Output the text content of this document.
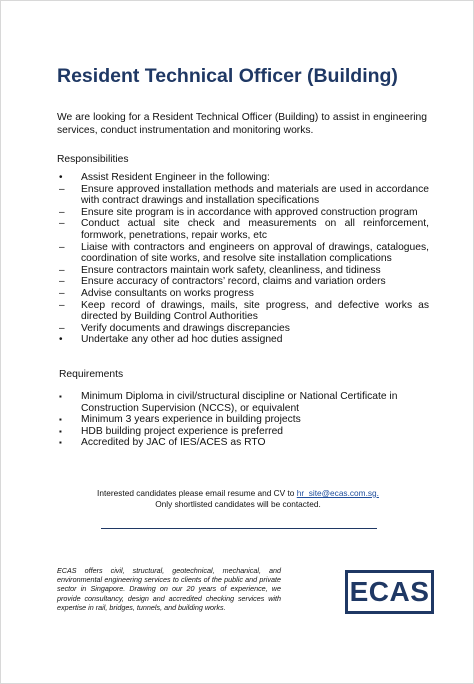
Resident Technical Officer (Building)

We are looking for a Resident Technical Officer (Building) to assist in engineering services, conduct instrumentation and monitoring works.

Responsibilities
•	Assist Resident Engineer in the following:
–	Ensure approved installation methods and materials are used in accordance with contract drawings and installation specifications
–	Ensure site program is in accordance with approved construction program
–	Conduct actual site check and measurements on all reinforcement, formwork, penetrations, repair works, etc
–	Liaise with contractors and engineers on approval of drawings, catalogues, coordination of site works, and resolve site installation complications
–	Ensure contractors maintain work safety, cleanliness, and tidiness
–	Ensure accuracy of contractors’ record, claims and variation orders
–	Advise consultants on works progress
–	Keep record of drawings, mails, site progress, and defective works as directed by Building Control Authorities
–	Verify documents and drawings discrepancies
•	Undertake any other ad hoc duties assigned
Requirements
▪	Minimum Diploma in civil/structural discipline or National Certificate in Construction Supervision (NCCS), or equivalent
▪	Minimum 3 years experience in building projects
▪	HDB building project experience is preferred
▪	Accredited by JAC of IES/ACES as RTO
Interested candidates please email resume and CV to hr_site@ecas.com.sg.
Only shortlisted candidates will be contacted.

ECAS offers civil, structural, geotechnical, mechanical, and environmental engineering services to clients of the public and private sector in Singapore. Drawing on our 20 years of experience, we provide consultancy, design and accredited checking services with expertise in rail, bridges, tunnels, and building works.

ECAS
